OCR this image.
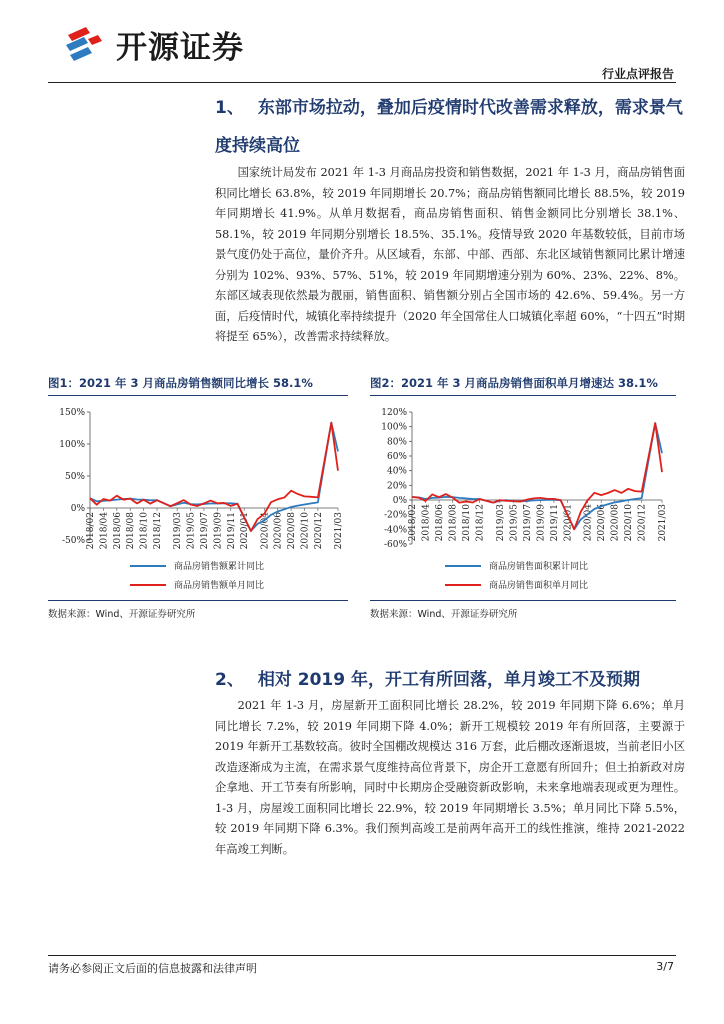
开源证券
行业点评报告
1、 东部市场拉动，叠加后疫情时代改善需求释放，需求景气
度持续高位

国家统计局发布 2021 年 1-3 月商品房投资和销售数据，2021 年 1-3 月，商品房销售面积同比增长 63.8%，较 2019 年同期增长 20.7%；商品房销售额同比增长 88.5%，较 2019 年同期增长 41.9%。从单月数据看，商品房销售面积、销售金额同比分别增长 38.1%、58.1%，较 2019 年同期分别增长 18.5%、35.1%。疫情导致 2020 年基数较低，目前市场景气度仍处于高位，量价齐升。从区域看，东部、中部、西部、东北区域销售额同比累计增速分别为 102%、93%、57%、51%，较 2019 年同期增速分别为 60%、23%、22%、8%。东部区域表现依然最为靓丽，销售面积、销售额分别占全国市场的 42.6%、59.4%。另一方面，后疫情时代，城镇化率持续提升（2020 年全国常住人口城镇化率超 60%，“十四五”时期将提至 65%），改善需求持续释放。

图1：2021 年 3 月商品房销售额同比增长 58.1%
150%
100%
50%
0%
-50% 2018/02 2018/04 2018/06 2018/08 2018/10 2018/12 2019/03 2019/05 2019/07 2019/09 2019/11 2020/01 2020/04 2020/06 2020/08 2020/10 2020/12 2021/03
商品房销售额累计同比
商品房销售额单月同比
数据来源：Wind、开源证券研究所
图2：2021 年 3 月商品房销售面积单月增速达 38.1%
120%
100%
80%
60%
40%
20%
0%
-20%
-40%
-60%
2018/02 2018/04 2018/06 2018/08 2018/10 2018/12 2019/03 2019/05 2019/07 2019/09 2019/11 2020/01 2020/04 2020/06 2020/08 2020/10 2020/12 2021/03
商品房销售面积累计同比
商品房销售面积单月同比
数据来源：Wind、开源证券研究所
2、 相对 2019 年，开工有所回落，单月竣工不及预期

2021 年 1-3 月，房屋新开工面积同比增长 28.2%，较 2019 年同期下降 6.6%；单月同比增长 7.2%，较 2019 年同期下降 4.0%；新开工规模较 2019 年有所回落，主要源于 2019 年新开工基数较高。彼时全国棚改规模达 316 万套，此后棚改逐渐退坡，当前老旧小区改造逐渐成为主流，在需求景气度维持高位背景下，房企开工意愿有所回升；但土拍新政对房企拿地、开工节奏有所影响，同时中长期房企受融资新政影响，未来拿地端表现或更为理性。1-3 月，房屋竣工面积同比增长 22.9%，较 2019 年同期增长 3.5%；单月同比下降 5.5%，较 2019 年同期下降 6.3%。我们预判高竣工是前两年高开工的线性推演，维持 2021-2022 年高竣工判断。

请务必参阅正文后面的信息披露和法律声明	3/7
